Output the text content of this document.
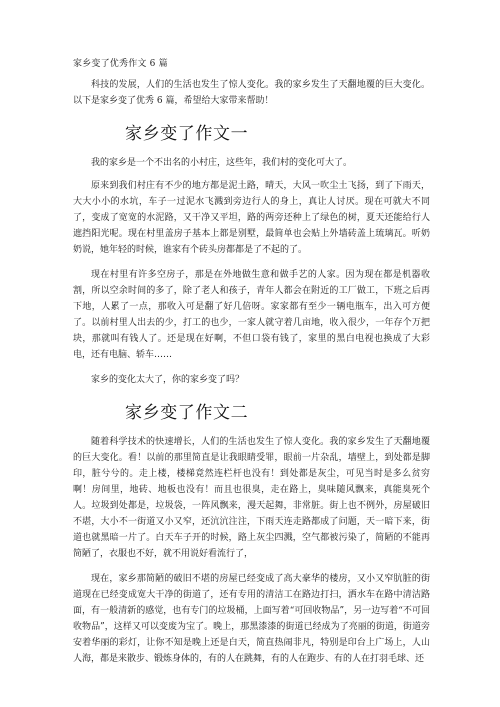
家乡变了优秀作文 6 篇

科技的发展，人们的生活也发生了惊人变化。我的家乡发生了天翻地覆的巨大变化。以下是家乡变了优秀 6 篇，希望给大家带来帮助！

家乡变了作文一

我的家乡是一个不出名的小村庄，这些年，我们村的变化可大了。

原来到我们村庄有不少的地方都是泥土路，晴天，大风一吹尘土飞扬，到了下雨天，大大小小的水坑，车子一过泥水飞溅到旁边行人的身上，真让人讨厌。现在可就大不同了，变成了宽宽的水泥路，又干净又平坦，路的两旁还种上了绿色的树，夏天还能给行人遮挡阳光呢。现在村里盖房子基本上都是别墅，最简单也会贴上外墙砖盖上琉璃瓦。听奶奶说，她年轻的时候，谁家有个砖头房都都是了不起的了。

现在村里有许多空房子，那是在外地做生意和做手艺的人家。因为现在都是机器收割，所以空余时间的多了，除了老人和孩子，青年人都会在附近的工厂做工，下班之后再下地，人累了一点，那收入可是翻了好几倍呀。家家都有至少一辆电瓶车，出入可方便了。以前村里人出去的少，打工的也少，一家人就守着几亩地，收入很少，一年存个万把块，那就叫有钱人了。还是现在好啊，不但口袋有钱了，家里的黑白电视也换成了大彩电，还有电脑、轿车……

家乡的变化太大了，你的家乡变了吗？

家乡变了作文二

随着科学技术的快速增长，人们的生活也发生了惊人变化。我的家乡发生了天翻地覆的巨大变化。看！以前的那里简直是让我眼睛受罪，眼前一片杂乱，墙壁上，到处都是脚印，脏兮兮的。走上楼，楼梯竟然连栏杆也没有！到处都是灰尘，可见当时是多么贫穷啊！房间里，地砖、地板也没有！而且也很臭，走在路上，臭味随风飘来，真能臭死个人。垃圾到处都是，垃圾袋，一阵风飘来，漫天起舞，非常脏。街上也不例外，房屋破旧不堪，大小不一街道又小又窄，还沆沆注注，下雨天连走路都成了问题，天一暗下来，街道也就黑暗一片了。白天车子开的时候，路上灰尘四溅，空气都被污染了，简陋的不能再简陋了，衣服也不好，就不用说好看流行了，

现在，家乡那简陋的破旧不堪的房屋已经变成了高大豪华的楼房，又小又窄肮脏的街道现在已经变成宽大干净的街道了，还有专用的清洁工在路边打扫，洒水车在路中清洁路面，有一般清新的感觉，也有专门的垃圾桶，上面写着“可回收物品”，另一边写着“不可回收物品”，这样又可以变废为宝了。晚上，那黑漆漆的街道已经成为了亮丽的街道，街道旁安着华丽的彩灯，让你不知是晚上还是白天，简直热闹非凡，特别是印台上广场上，人山人海，都是来散步、锻炼身体的，有的人在跳舞，有的人在跑步、有的人在打羽毛球、还
